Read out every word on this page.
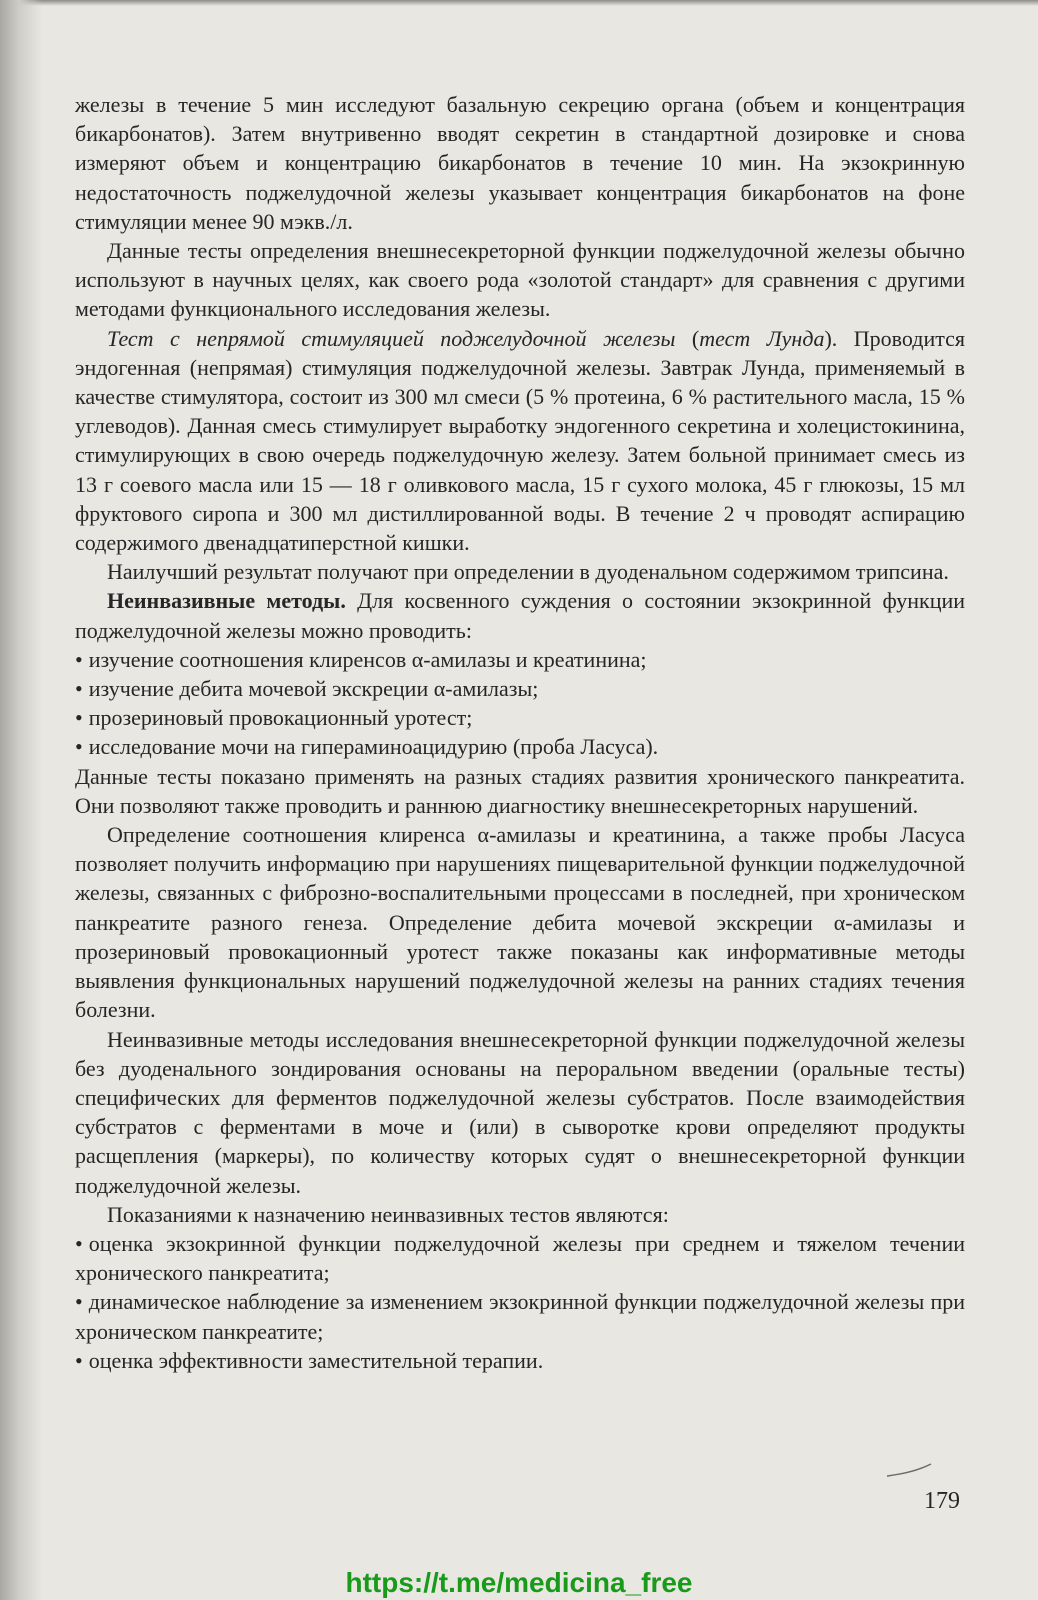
железы в течение 5 мин исследуют базальную секрецию органа (объем и концентрация бикарбонатов). Затем внутривенно вводят секретин в стандартной дозировке и снова измеряют объем и концентрацию бикарбонатов в течение 10 мин. На экзокринную недостаточность поджелудочной железы указывает концентрация бикарбонатов на фоне стимуляции менее 90 мэкв./л.

Данные тесты определения внешнесекреторной функции поджелудочной железы обычно используют в научных целях, как своего рода «золотой стандарт» для сравнения с другими методами функционального исследования железы.

Тест с непрямой стимуляцией поджелудочной железы (тест Лунда). Проводится эндогенная (непрямая) стимуляция поджелудочной железы. Завтрак Лунда, применяемый в качестве стимулятора, состоит из 300 мл смеси (5 % протеина, 6 % растительного масла, 15 % углеводов). Данная смесь стимулирует выработку эндогенного секретина и холецистокинина, стимулирующих в свою очередь поджелудочную железу. Затем больной принимает смесь из 13 г соевого масла или 15 — 18 г оливкового масла, 15 г сухого молока, 45 г глюкозы, 15 мл фруктового сиропа и 300 мл дистиллированной воды. В течение 2 ч проводят аспирацию содержимого двенадцатиперстной кишки.

Наилучший результат получают при определении в дуоденальном содержимом трипсина.

Неинвазивные методы. Для косвенного суждения о состоянии экзокринной функции поджелудочной железы можно проводить:

• изучение соотношения клиренсов α-амилазы и креатинина;

• изучение дебита мочевой экскреции α-амилазы;

• прозериновый провокационный уротест;

• исследование мочи на гипераминоацидурию (проба Ласуса).

Данные тесты показано применять на разных стадиях развития хронического панкреатита. Они позволяют также проводить и раннюю диагностику внешнесекреторных нарушений.

Определение соотношения клиренса α-амилазы и креатинина, а также пробы Ласуса позволяет получить информацию при нарушениях пищеварительной функции поджелудочной железы, связанных с фиброзно-воспалительными процессами в последней, при хроническом панкреатите разного генеза. Определение дебита мочевой экскреции α-амилазы и прозериновый провокационный уротест также показаны как информативные методы выявления функциональных нарушений поджелудочной железы на ранних стадиях течения болезни.

Неинвазивные методы исследования внешнесекреторной функции поджелудочной железы без дуоденального зондирования основаны на пероральном введении (оральные тесты) специфических для ферментов поджелудочной железы субстратов. После взаимодействия субстратов с ферментами в моче и (или) в сыворотке крови определяют продукты расщепления (маркеры), по количеству которых судят о внешнесекреторной функции поджелудочной железы.

Показаниями к назначению неинвазивных тестов являются:

• оценка экзокринной функции поджелудочной железы при среднем и тяжелом течении хронического панкреатита;

• динамическое наблюдение за изменением экзокринной функции поджелудочной железы при хроническом панкреатите;

• оценка эффективности заместительной терапии.

179
https://t.me/medicina_free
